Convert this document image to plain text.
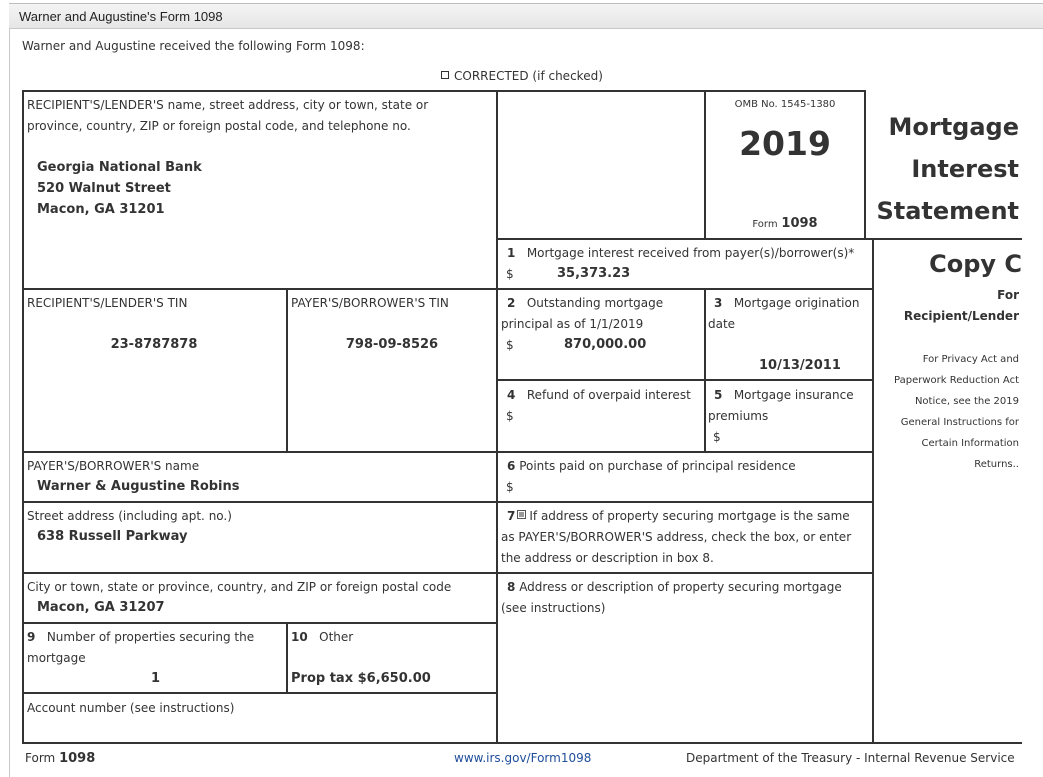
Warner and Augustine's Form 1098
Warner and Augustine received the following Form 1098:
CORRECTED (if checked)
RECIPIENT'S/LENDER'S name, street address, city or town, state or
province, country, ZIP or foreign postal code, and telephone no.
Georgia National Bank
520 Walnut Street
Macon, GA 31201
OMB No. 1545-1380
2019
Form 1098
Mortgage
Interest
Statement
Copy C
For
Recipient/Lender
For Privacy Act and
Paperwork Reduction Act
Notice, see the 2019
General Instructions for
Certain Information
Returns..
1 Mortgage interest received from payer(s)/borrower(s)*
$	35,373.23
RECIPIENT'S/LENDER'S TIN
23-8787878
PAYER'S/BORROWER'S TIN
798-09-8526
2 Outstanding mortgage
principal as of 1/1/2019
$	870,000.00
3 Mortgage origination
date
10/13/2011
4 Refund of overpaid interest
$
5 Mortgage insurance
premiums
$
PAYER'S/BORROWER'S name
Warner & Augustine Robins
6 Points paid on purchase of principal residence
$
Street address (including apt. no.)
638 Russell Parkway
7 If address of property securing mortgage is the same
as PAYER'S/BORROWER'S address, check the box, or enter
the address or description in box 8.
City or town, state or province, country, and ZIP or foreign postal code
Macon, GA 31207
8 Address or description of property securing mortgage
(see instructions)
9 Number of properties securing the
mortgage
1
10 Other
Prop tax $6,650.00
Account number (see instructions)
Form 1098	www.irs.gov/Form1098	Department of the Treasury - Internal Revenue Service
